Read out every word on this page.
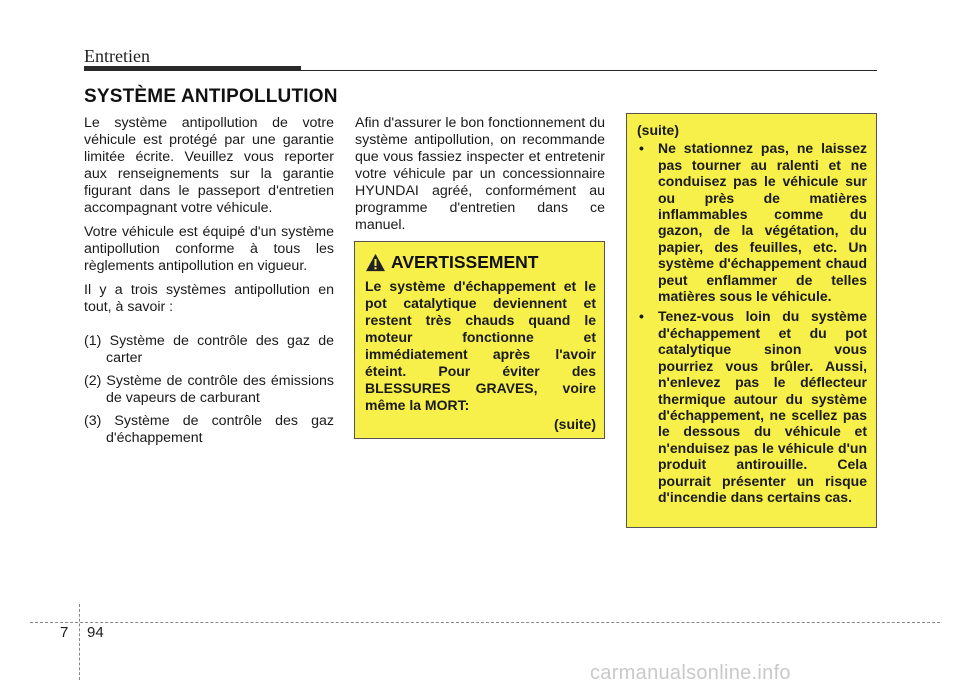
Entretien
SYSTÈME ANTIPOLLUTION

Le système antipollution de votre véhicule est protégé par une garantie limitée écrite. Veuillez vous reporter aux renseignements sur la garantie figurant dans le passeport d'entretien accompagnant votre véhicule.

Votre véhicule est équipé d'un système antipollution conforme à tous les règlements antipollution en vigueur.

Il y a trois systèmes antipollution en tout, à savoir :

(1) Système de contrôle des gaz de carter
(2) Système de contrôle des émissions de vapeurs de carburant
(3) Système de contrôle des gaz d'échappement

Afin d'assurer le bon fonctionnement du système antipollution, on recommande que vous fassiez inspecter et entretenir votre véhicule par un concessionnaire HYUNDAI agréé, conformément au programme d'entretien dans ce manuel.

AVERTISSEMENT
Le système d'échappement et le pot catalytique deviennent et restent très chauds quand le moteur fonctionne et immédiatement après l'avoir éteint. Pour éviter des BLESSURES GRAVES, voire même la MORT:
(suite)
(suite)
• Ne stationnez pas, ne laissez pas tourner au ralenti et ne conduisez pas le véhicule sur ou près de matières inflammables comme du gazon, de la végétation, du papier, des feuilles, etc. Un système d'échappement chaud peut enflammer de telles matières sous le véhicule.
• Tenez-vous loin du système d'échappement et du pot catalytique sinon vous pourriez vous brûler. Aussi, n'enlevez pas le déflecteur thermique autour du système d'échappement, ne scellez pas le dessous du véhicule et n'enduisez pas le véhicule d'un produit antirouille. Cela pourrait présenter un risque d'incendie dans certains cas.
7 94
carmanualsonline.info
